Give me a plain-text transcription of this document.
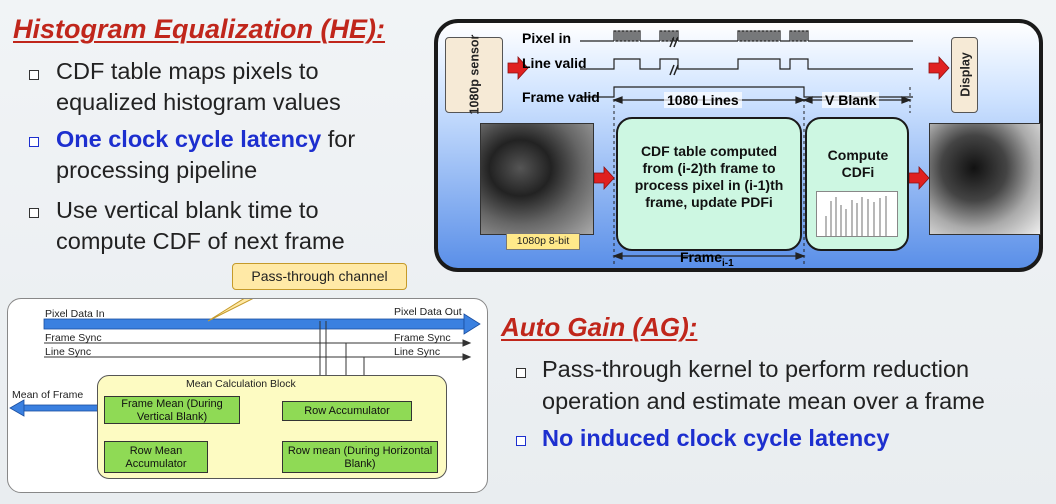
Histogram Equalization (HE):
CDF table maps pixels to
equalized histogram values
One clock cycle latency for
processing pipeline
Use vertical blank time to
compute CDF of next frame
1080p sensor	Display
Pixel in
Line valid
Frame valid	1080 Lines	V Blank
1080p 8-bit
CDF table computed from (i-2)th frame to process pixel in (i-1)th frame, update PDFi
Compute CDFi
Frame$_{i-1}$
Pass-through channel
Pixel Data In	Pixel Data Out
Frame Sync	Frame Sync
Line Sync	Line Sync
Mean Calculation Block
Mean of Frame
Frame Mean (During Vertical Blank)	Row Accumulator
Row Mean Accumulator
Row mean (During Horizontal Blank)
Auto Gain (AG):
Pass-through kernel to perform reduction
operation and estimate mean over a frame
No induced clock cycle latency
